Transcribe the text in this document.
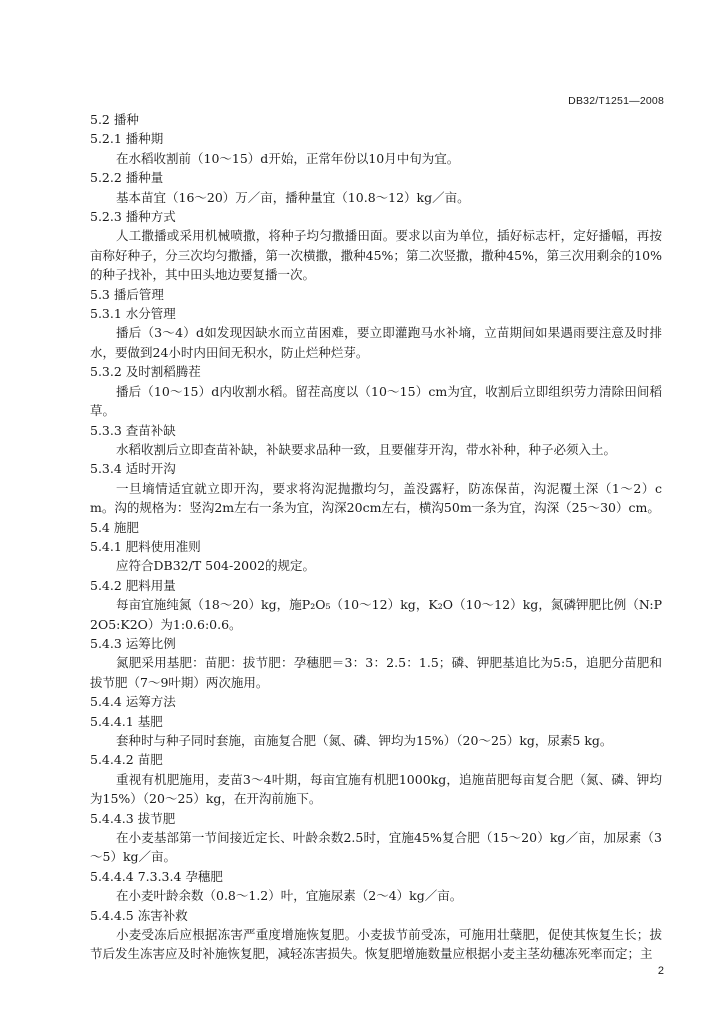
DB32/T1251—2008
5.2 播种
5.2.1 播种期
在水稻收割前（10～15）d开始，正常年份以10月中旬为宜。
5.2.2 播种量
基本苗宜（16～20）万／亩，播种量宜（10.8～12）kg／亩。
5.2.3 播种方式
人工撒播或采用机械喷撒，将种子均匀撒播田面。要求以亩为单位，插好标志杆，定好播幅，再按亩称好种子，分三次均匀撒播，第一次横撒，撒种45%；第二次竖撒，撒种45%，第三次用剩余的10%的种子找补，其中田头地边要复播一次。
5.3 播后管理
5.3.1 水分管理
播后（3～4）d如发现因缺水而立苗困难，要立即灌跑马水补墒，立苗期间如果遇雨要注意及时排水，要做到24小时内田间无积水，防止烂种烂芽。
5.3.2 及时割稻腾茬
播后（10～15）d内收割水稻。留茬高度以（10～15）cm为宜，收割后立即组织劳力清除田间稻草。
5.3.3 查苗补缺
水稻收割后立即查苗补缺，补缺要求品种一致，且要催芽开沟，带水补种，种子必须入土。
5.3.4 适时开沟
一旦墒情适宜就立即开沟，要求将沟泥抛撒均匀，盖没露籽，防冻保苗，沟泥覆土深（1～2）cm。沟的规格为：竖沟2m左右一条为宜，沟深20cm左右，横沟50m一条为宜，沟深（25～30）cm。
5.4 施肥
5.4.1 肥料使用准则
应符合DB32/T 504-2002的规定。
5.4.2 肥料用量
每亩宜施纯氮（18～20）kg，施P₂O₅（10～12）kg，K₂O（10～12）kg，氮磷钾肥比例（N:P2O5:K2O）为1:0.6:0.6。
5.4.3 运筹比例
氮肥采用基肥：苗肥：拔节肥：孕穗肥＝3：3：2.5：1.5；磷、钾肥基追比为5:5，追肥分苗肥和拔节肥（7～9叶期）两次施用。
5.4.4 运筹方法
5.4.4.1 基肥
套种时与种子同时套施，亩施复合肥（氮、磷、钾均为15%）（20～25）kg，尿素5 kg。
5.4.4.2 苗肥
重视有机肥施用，麦苗3～4叶期，每亩宜施有机肥1000kg，追施苗肥每亩复合肥（氮、磷、钾均为15%）（20～25）kg，在开沟前施下。
5.4.4.3 拔节肥
在小麦基部第一节间接近定长、叶龄余数2.5时，宜施45%复合肥（15～20）kg／亩，加尿素（3～5）kg／亩。
5.4.4.4 7.3.3.4 孕穗肥
在小麦叶龄余数（0.8～1.2）叶，宜施尿素（2～4）kg／亩。
5.4.4.5 冻害补救
小麦受冻后应根据冻害严重度增施恢复肥。小麦拔节前受冻，可施用壮蘖肥，促使其恢复生长；拔节后发生冻害应及时补施恢复肥，减轻冻害损失。恢复肥增施数量应根据小麦主茎幼穗冻死率而定；主
2
